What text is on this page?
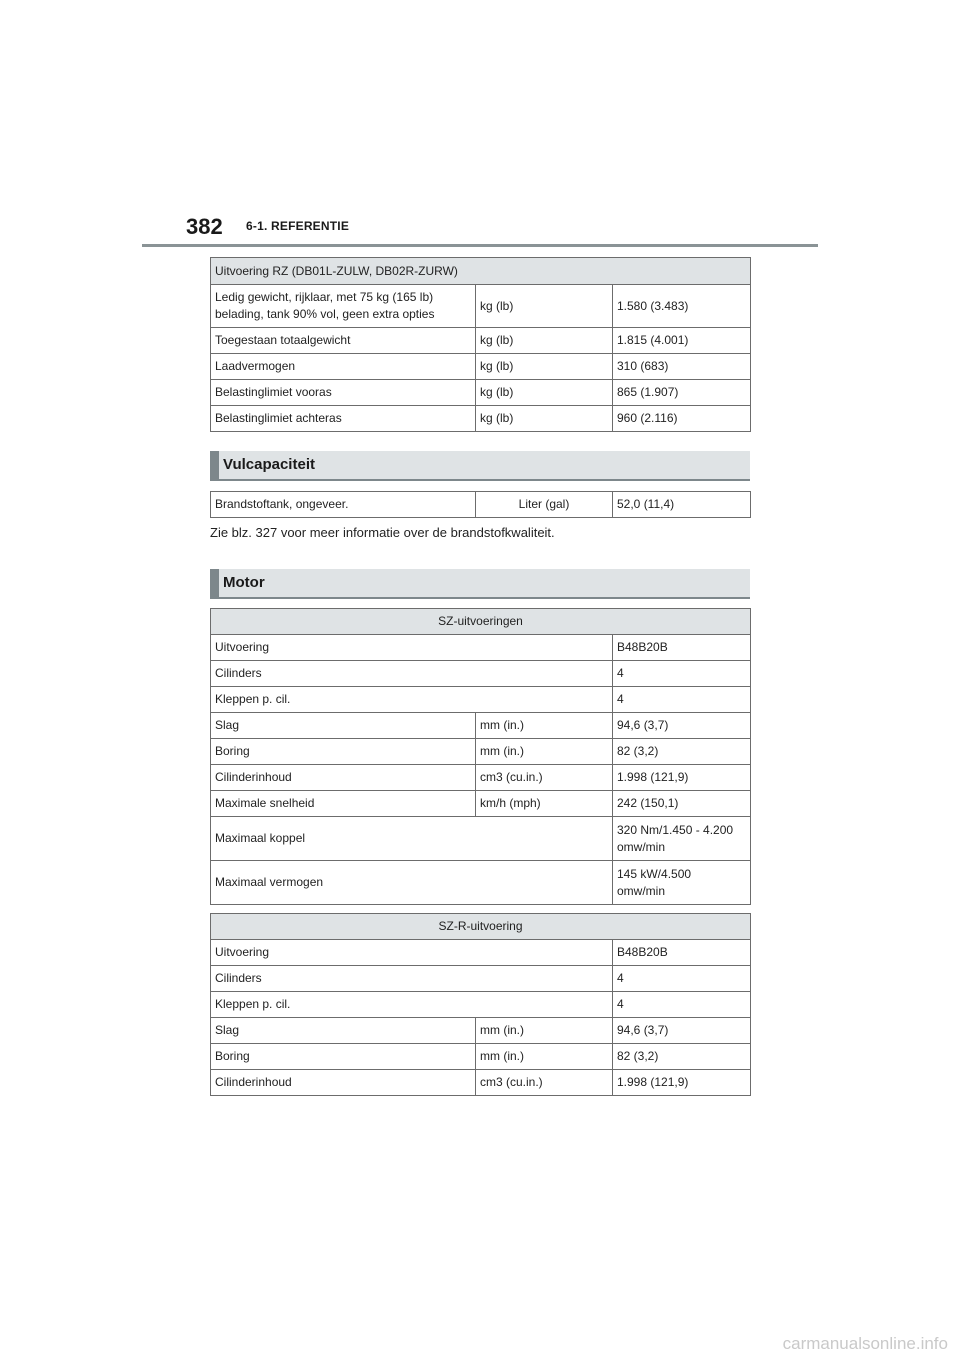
382 6-1. REFERENTIE
Uitvoering RZ (DB01L-ZULW, DB02R-ZURW)		
Ledig gewicht, rijklaar, met 75 kg (165 lb)
belading, tank 90% vol, geen extra opties	kg (lb)	1.580 (3.483)
Toegestaan totaalgewicht	kg (lb)	1.815 (4.001)
Laadvermogen	kg (lb)	310 (683)
Belastinglimiet vooras	kg (lb)	865 (1.907)
Belastinglimiet achteras	kg (lb)	960 (2.116)
Vulcapaciteit
Brandstoftank, ongeveer.	Liter (gal)	52,0 (11,4)
Zie blz. 327 voor meer informatie over de brandstofkwaliteit.
Motor
SZ-uitvoeringen		
Uitvoering		B48B20B
Cilinders		4
Kleppen p. cil.		4
Slag	mm (in.)	94,6 (3,7)
Boring	mm (in.)	82 (3,2)
Cilinderinhoud	cm3 (cu.in.)	1.998 (121,9)
Maximale snelheid	km/h (mph)	242 (150,1)
Maximaal koppel		320 Nm/1.450 - 4.200
omw/min
Maximaal vermogen		145 kW/4.500
omw/min
SZ-R-uitvoering		
Uitvoering		B48B20B
Cilinders		4
Kleppen p. cil.		4
Slag	mm (in.)	94,6 (3,7)
Boring	mm (in.)	82 (3,2)
Cilinderinhoud	cm3 (cu.in.)	1.998 (121,9)
carmanualsonline.info
